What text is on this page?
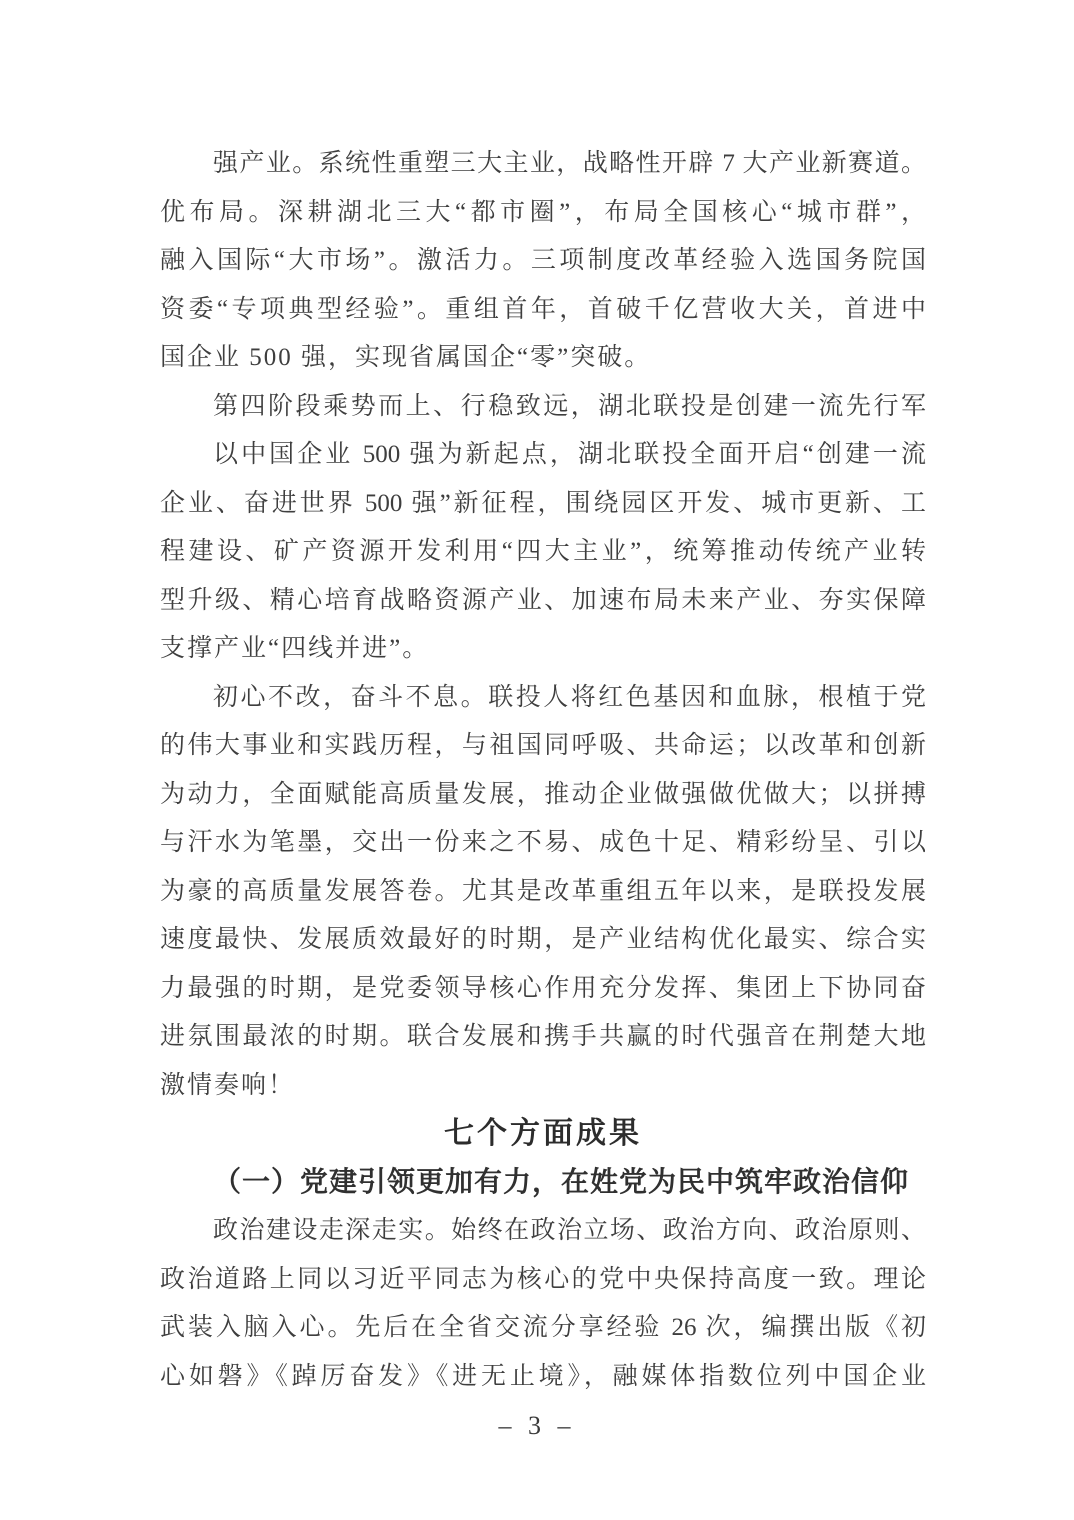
强产业。系统性重塑三大主业，战略性开辟 7 大产业新赛道。
优布局。深耕湖北三大“都市圈”，布局全国核心“城市群”，
融入国际“大市场”。激活力。三项制度改革经验入选国务院国
资委“专项典型经验”。重组首年，首破千亿营收大关，首进中
国企业 500 强，实现省属国企“零”突破。
第四阶段乘势而上、行稳致远，湖北联投是创建一流先行军
以中国企业 500 强为新起点，湖北联投全面开启“创建一流
企业、奋进世界 500 强”新征程，围绕园区开发、城市更新、工
程建设、矿产资源开发利用“四大主业”，统筹推动传统产业转
型升级、精心培育战略资源产业、加速布局未来产业、夯实保障
支撑产业“四线并进”。
初心不改，奋斗不息。联投人将红色基因和血脉，根植于党
的伟大事业和实践历程，与祖国同呼吸、共命运；以改革和创新
为动力，全面赋能高质量发展，推动企业做强做优做大；以拼搏
与汗水为笔墨，交出一份来之不易、成色十足、精彩纷呈、引以
为豪的高质量发展答卷。尤其是改革重组五年以来，是联投发展
速度最快、发展质效最好的时期，是产业结构优化最实、综合实
力最强的时期，是党委领导核心作用充分发挥、集团上下协同奋
进氛围最浓的时期。联合发展和携手共赢的时代强音在荆楚大地
激情奏响！
七个方面成果
（一）党建引领更加有力，在姓党为民中筑牢政治信仰
政治建设走深走实。始终在政治立场、政治方向、政治原则、
政治道路上同以习近平同志为核心的党中央保持高度一致。理论
武装入脑入心。先后在全省交流分享经验 26 次，编撰出版《初
心如磐》《踔厉奋发》《进无止境》，融媒体指数位列中国企业
– 3 –
